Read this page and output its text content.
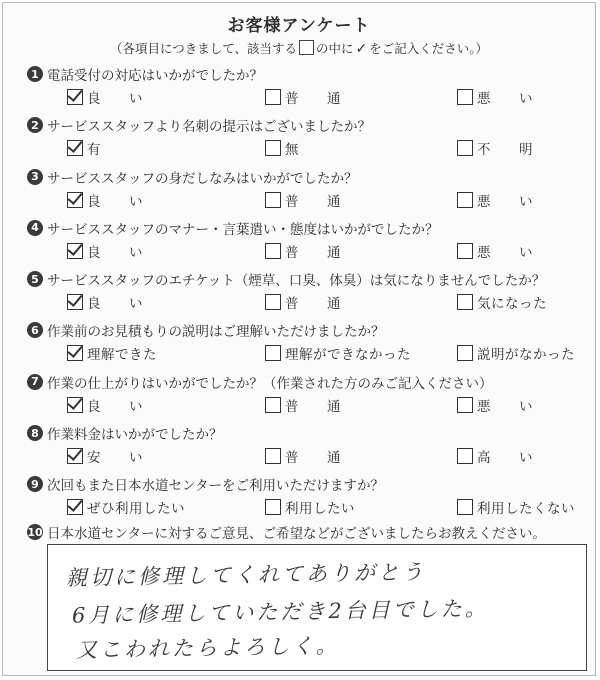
お客様アンケート
（各項目につきまして、該当する の中に ✓ をご記入ください。）
1 電話受付の対応はいかがでしたか？
良　　い	普　　通	悪　　い
2 サービススタッフより名刺の提示はございましたか？
有	無	不　　明
3 サービススタッフの身だしなみはいかがでしたか？
良　　い	普　　通	悪　　い
4 サービススタッフのマナー・言葉遣い・態度はいかがでしたか？
良　　い	普　　通	悪　　い
5 サービススタッフのエチケット（煙草、口臭、体臭）は気になりませんでしたか？
良　　い	普　　通	気になった
6 作業前のお見積もりの説明はご理解いただけましたか？
理解できた	理解ができなかった	説明がなかった
7 作業の仕上がりはいかがでしたか？（作業された方のみご記入ください）
良　　い	普　　通	悪　　い
8 作業料金はいかがでしたか？
安　　い	普　　通	高　　い
9 次回もまた日本水道センターをご利用いただけますか？
ぜひ利用したい	利用したい	利用したくない
10 日本水道センターに対するご意見、ご希望などがございましたらお教えください。
親切に修理してくれてありがとう
6月に修理していただき2台目でした。
又こわれたらよろしく。
